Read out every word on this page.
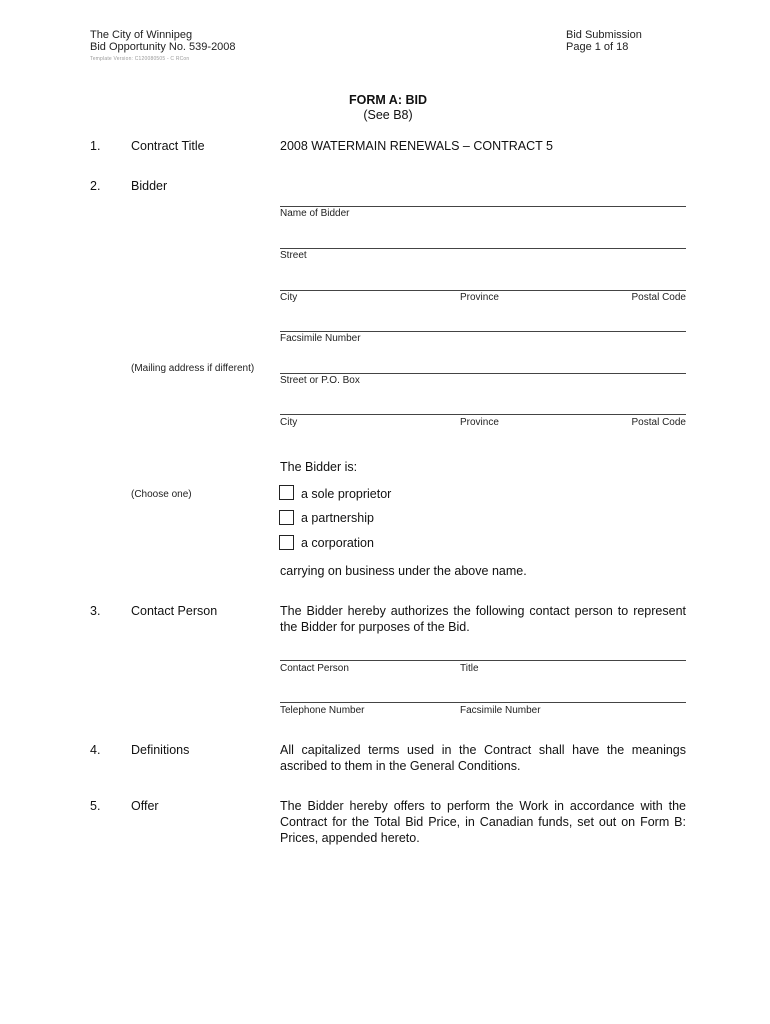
The City of Winnipeg
Bid Opportunity No. 539-2008
Template Version: C120080505 - C RCon
Bid Submission
Page 1 of 18
FORM A: BID
(See B8)
1. Contract Title	2008 WATERMAIN RENEWALS – CONTRACT 5
2. Bidder
Name of Bidder
Street
City	Province	Postal Code
Facsimile Number
(Mailing address if different)
Street or P.O. Box
City	Province	Postal Code
The Bidder is:
(Choose one)	a sole proprietor
a partnership
a corporation
carrying on business under the above name.
3. Contact Person	The Bidder hereby authorizes the following contact person to represent
the Bidder for purposes of the Bid.
Contact Person	Title
Telephone Number	Facsimile Number
4. Definitions	All capitalized terms used in the Contract shall have the meanings
ascribed to them in the General Conditions.
5. Offer	The Bidder hereby offers to perform the Work in accordance with the
Contract for the Total Bid Price, in Canadian funds, set out on Form B:
Prices, appended hereto.
